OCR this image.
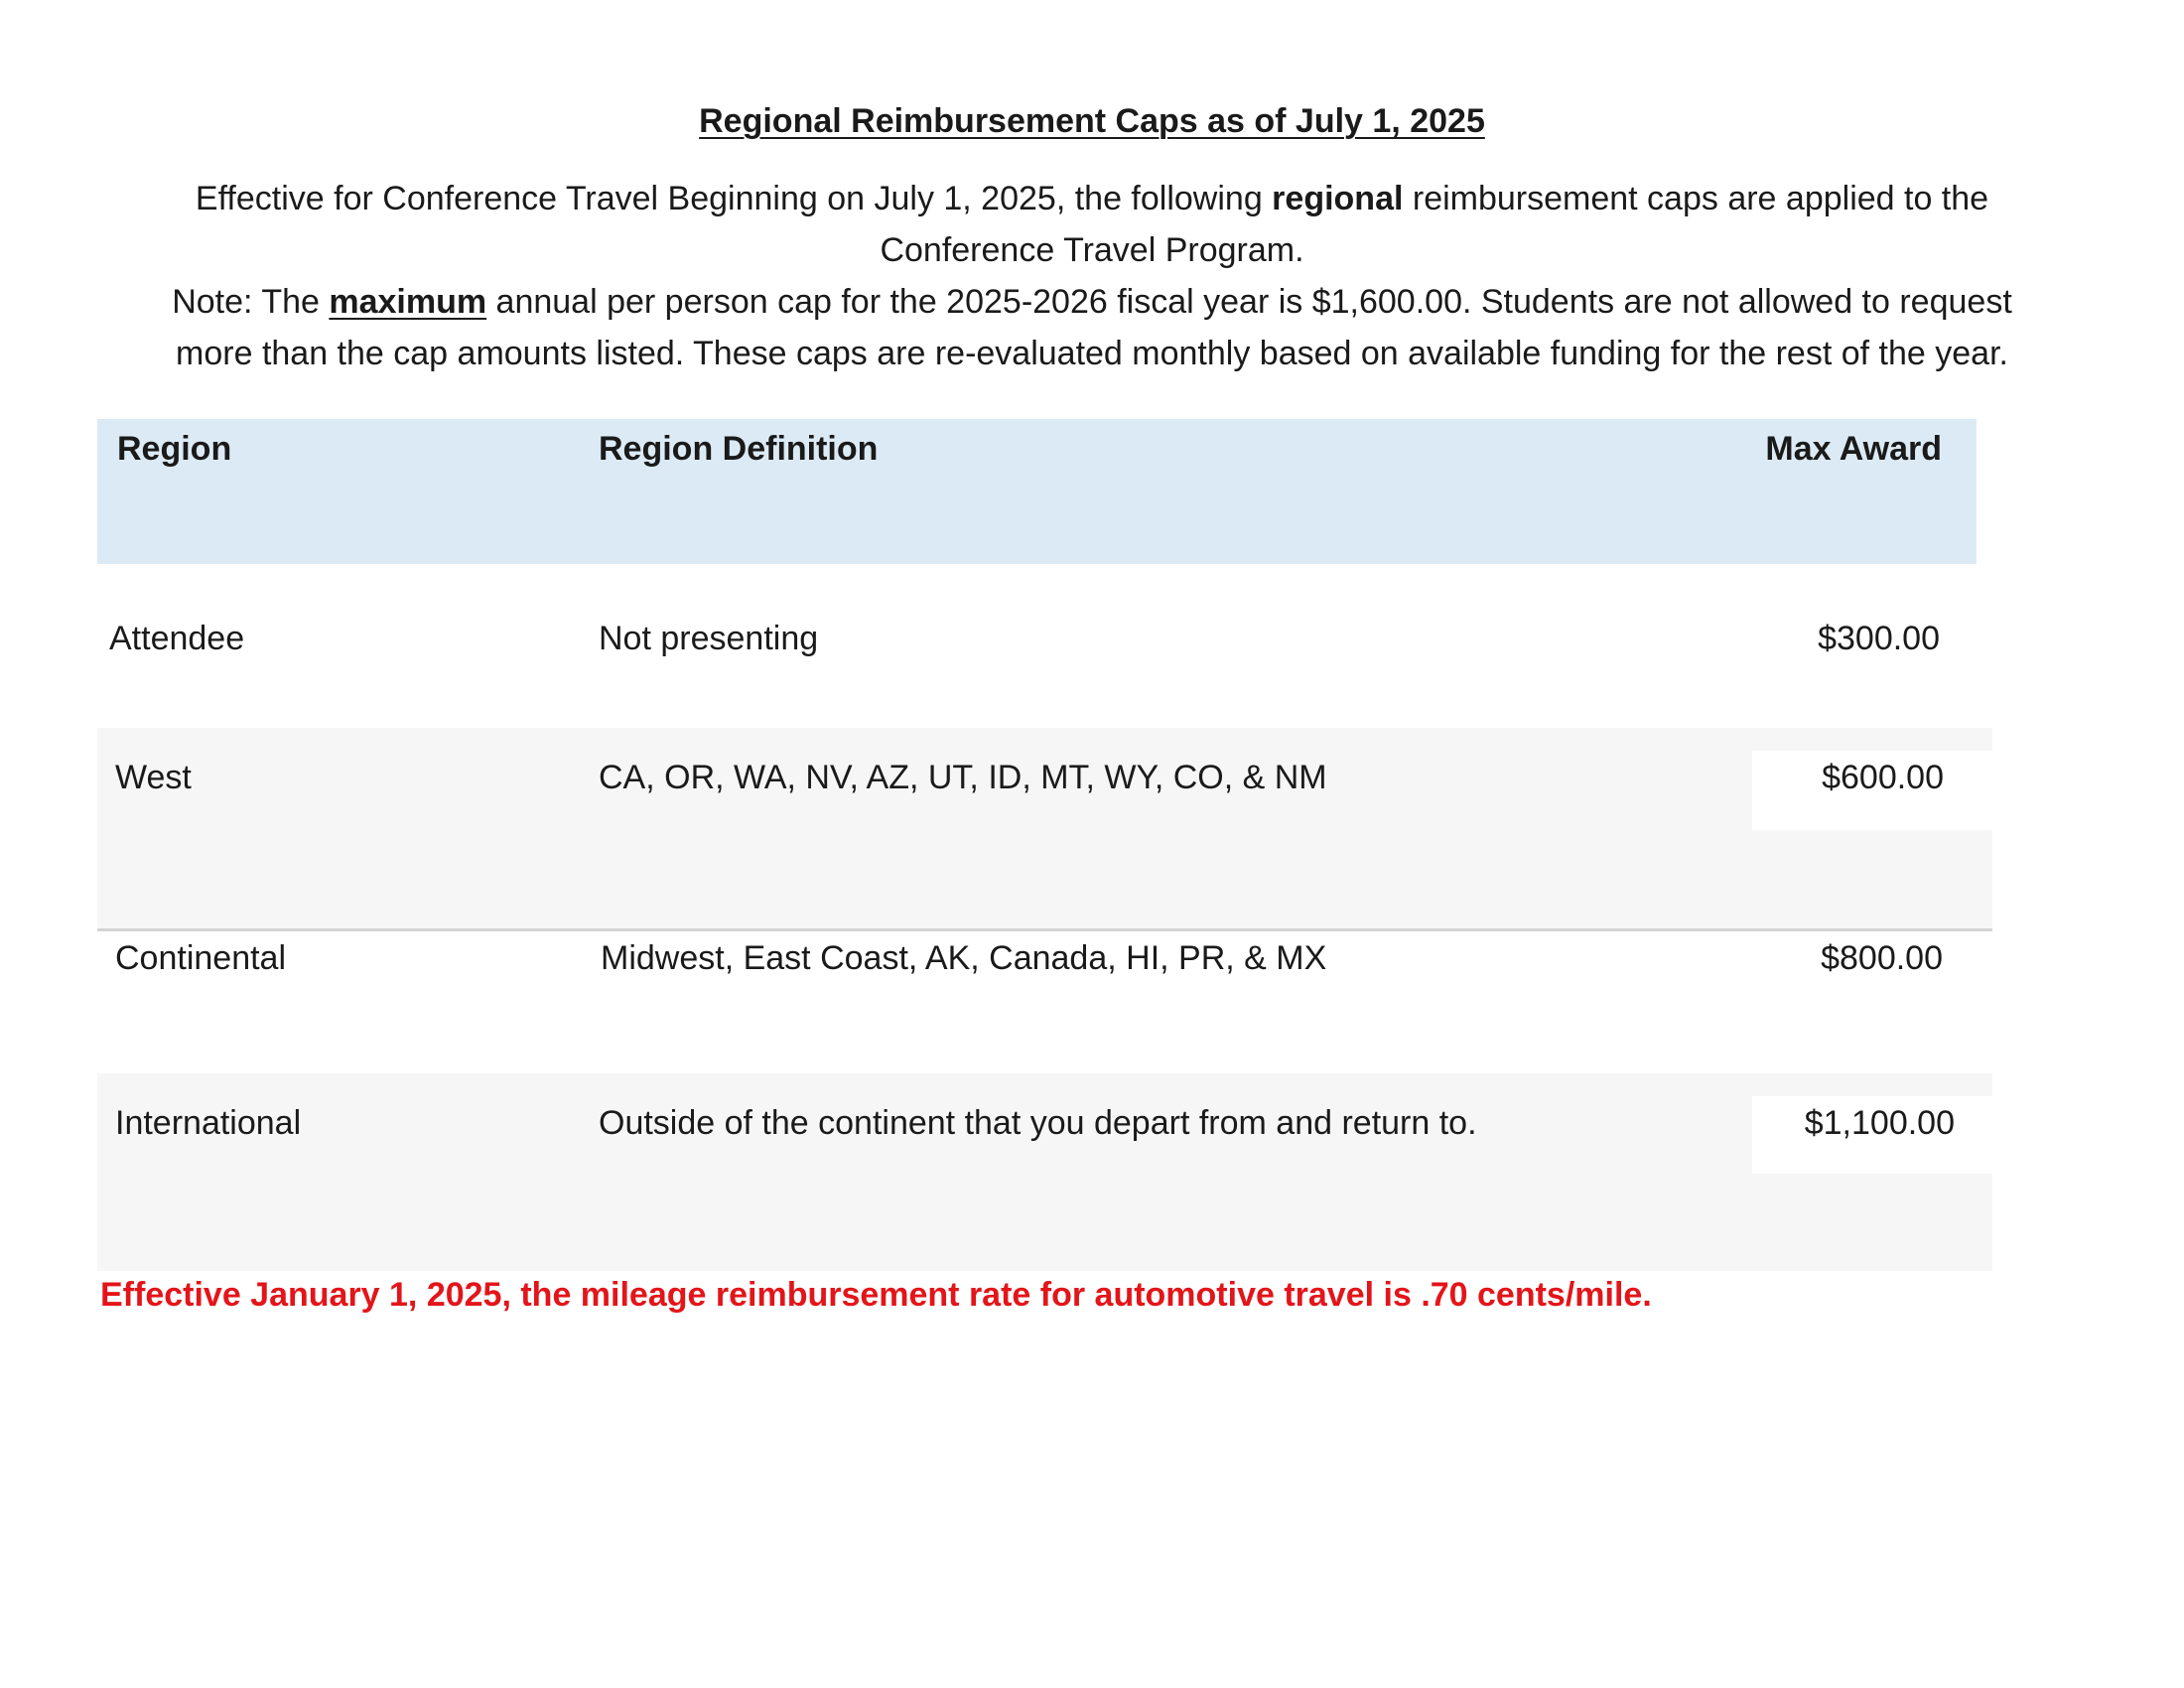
Regional Reimbursement Caps as of July 1, 2025

Effective for Conference Travel Beginning on July 1, 2025, the following regional reimbursement caps are applied to the
Conference Travel Program.

Note: The maximum annual per person cap for the 2025-2026 fiscal year is $1,600.00. Students are not allowed to request
more than the cap amounts listed. These caps are re-evaluated monthly based on available funding for the rest of the year.

Region	Region Definition	Max Award
Attendee	Not presenting	$300.00
West	CA, OR, WA, NV, AZ, UT, ID, MT, WY, CO, & NM	$600.00
Continental	Midwest, East Coast, AK, Canada, HI, PR, & MX	$800.00
International	Outside of the continent that you depart from and return to.	$1,100.00
Effective January 1, 2025, the mileage reimbursement rate for automotive travel is .70 cents/mile.
